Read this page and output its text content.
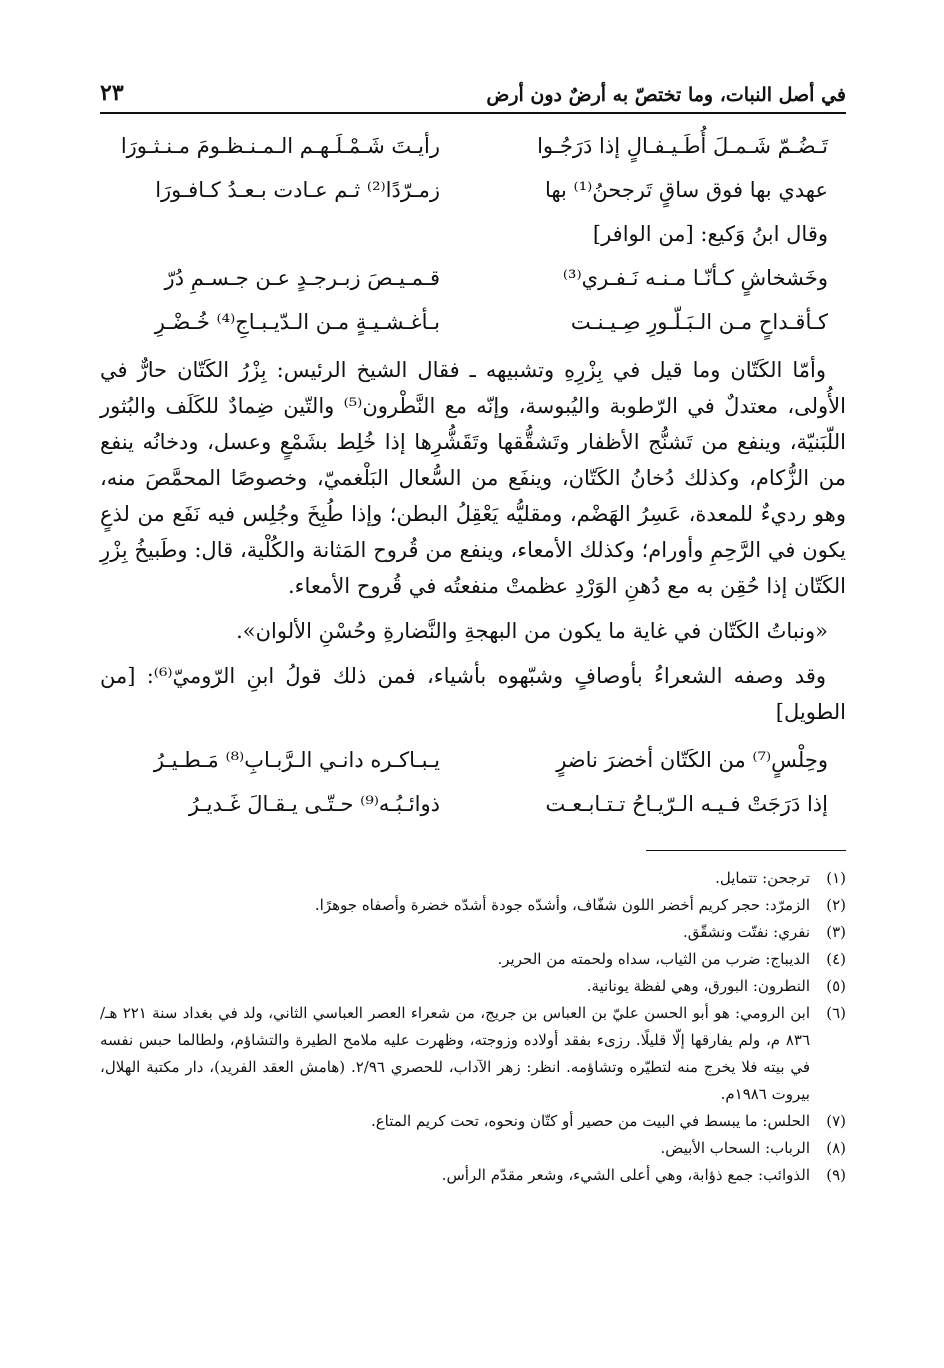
في أصل النبات، وما تختصّ به أرضٌ دون أرض
٢٣
تَـضُـمّ شَـمـلَ أُطَـيـفـالٍ إذا دَرَجُـوا
رأيـتَ شَـمْـلَـهـم الـمـنـظـومَ مـنـثـورَا
عهدي بها فوق ساقٍ تَرجحنُ⁽¹⁾ بها
زمـرّدًا⁽²⁾ ثـم عـادت بـعـدُ كـافـورَا
وقال ابنُ وَكيع: [من الوافر]
وخَشخاشٍ كـأنّـا مـنـه نَـفـري⁽³⁾
قـمـيـصَ زبـرجـدٍ عـن جـسـمِ دُرّ
كـأقـداحٍ مـن الـبَـلّـورِ صِـيـنـت
بـأغـشـيـةٍ مـن الـدّيـبـاجِ⁽⁴⁾ خُـضْـرِ

وأمّا الكَتّان وما قيل في بِزْرِهِ وتشبيهه ـ فقال الشيخ الرئيس: بِزْرُ الكَتّان حارٌّ في الأُولى، معتدلٌ في الرّطوبة واليُبوسة، وإنّه مع النَّطْرون⁽⁵⁾ والتّين ضِمادٌ للكَلَف والبُثور اللّبَنيّة، وينفع من تَشنُّج الأظفار وتَشقُّقها وتَقَشُّرِها إذا خُلِط بشَمْعٍ وعسل، ودخانُه ينفع من الزُّكام، وكذلك دُخانُ الكَتّان، وينفَع من السُّعال البَلْغميّ، وخصوصًا المحمَّصَ منه، وهو رديءٌ للمعدة، عَسِرُ الهَضْم، ومقليُّه يَعْقِلُ البطن؛ وإذا طُبِخَ وجُلِس فيه نَفَع من لذعٍ يكون في الرَّحِمِ وأورام؛ وكذلك الأمعاء، وينفع من قُروح المَثانة والكُلْية، قال: وطَبيخُ بِزْرِ الكَتّان إذا حُقِن به مع دُهنِ الوَرْدِ عظمتْ منفعتُه في قُروح الأمعاء.

«ونباتُ الكَتّان في غاية ما يكون من البهجةِ والنَّضارةِ وحُسْنِ الألوان».

وقد وصفه الشعراءُ بأوصافٍ وشبّهوه بأشياء، فمن ذلك قولُ ابنِ الرّوميّ⁽⁶⁾: [من الطويل]

وحِلْسٍ⁽⁷⁾ من الكَتّان أخضرَ ناضرٍ
يـبـاكـره دانـي الـرَّبـابِ⁽⁸⁾ مَـطـيـرُ
إذا دَرَجَتْ فـيـه الـرّيـاحُ تـتـابـعـت
ذوائـبُـه⁽⁹⁾ حـتّـى يـقـالَ غَـديـرُ
(١)
ترجحن: تتمايل.
(٢)
الزمرّد: حجر كريم أخضر اللون شفّاف، وأشدّه جودة أشدّه خضرة وأصفاه جوهرًا.
(٣)
نفري: نفتّت ونشقّق.
(٤)
الديباج: ضرب من الثياب، سداه ولحمته من الحرير.
(٥)
النطرون: البورق، وهي لفظة يونانية.
(٦)
ابن الرومي: هو أبو الحسن عليّ بن العباس بن جريج، من شعراء العصر العباسي الثاني، ولد في بغداد سنة ٢٢١ هـ/ ٨٣٦ م، ولم يفارقها إلّا قليلًا. رزىء بفقد أولاده وزوجته، وظهرت عليه ملامح الطيرة والتشاؤم، ولطالما حبس نفسه في بيته فلا يخرج منه لتطيّره وتشاؤمه. انظر: زهر الآداب، للحصري ٢/٩٦. (هامش العقد الفريد)، دار مكتبة الهلال، بيروت ١٩٨٦م.
(٧)
الحلس: ما يبسط في البيت من حصير أو كتّان ونحوه، تحت كريم المتاع.
(٨)
الرباب: السحاب الأبيض.
(٩)
الذوائب: جمع ذؤابة، وهي أعلى الشيء، وشعر مقدّم الرأس.
